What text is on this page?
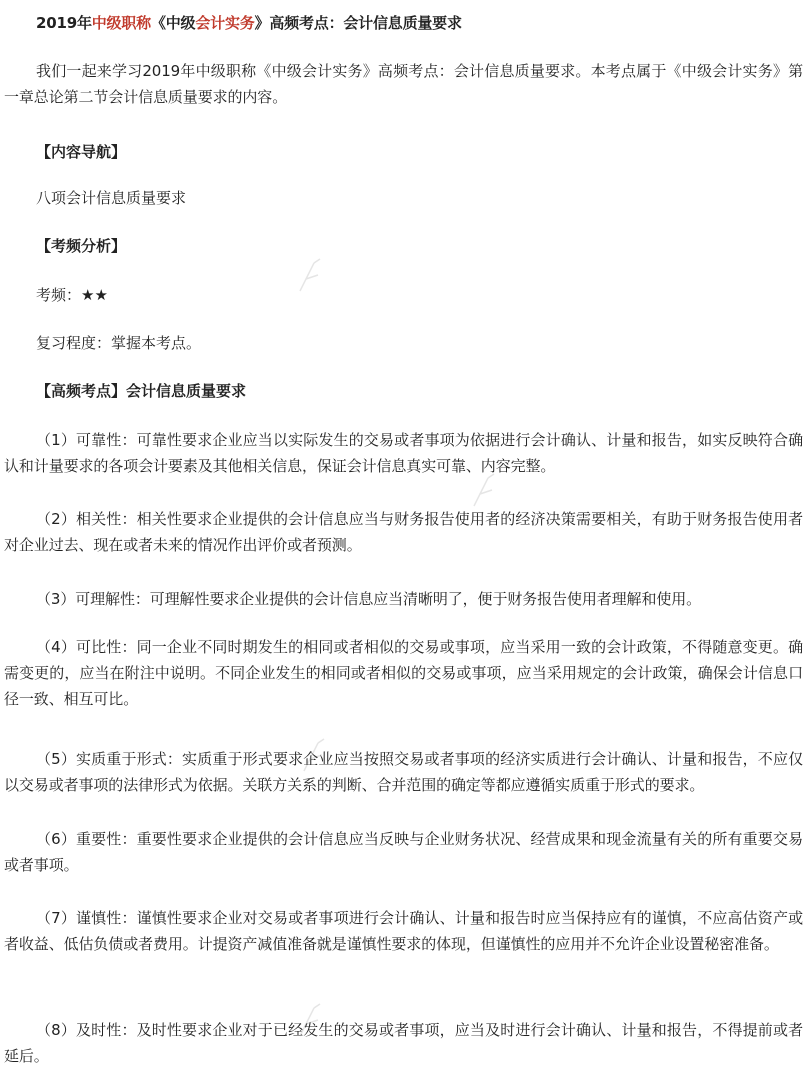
2019年中级职称《中级会计实务》高频考点：会计信息质量要求
我们一起来学习2019年中级职称《中级会计实务》高频考点：会计信息质量要求。本考点属于《中级会计实务》第一章总论第二节会计信息质量要求的内容。
【内容导航】
八项会计信息质量要求
【考频分析】
考频：★★
复习程度：掌握本考点。
【高频考点】会计信息质量要求
（1）可靠性：可靠性要求企业应当以实际发生的交易或者事项为依据进行会计确认、计量和报告，如实反映符合确认和计量要求的各项会计要素及其他相关信息，保证会计信息真实可靠、内容完整。
（2）相关性：相关性要求企业提供的会计信息应当与财务报告使用者的经济决策需要相关，有助于财务报告使用者对企业过去、现在或者未来的情况作出评价或者预测。
（3）可理解性：可理解性要求企业提供的会计信息应当清晰明了，便于财务报告使用者理解和使用。
（4）可比性：同一企业不同时期发生的相同或者相似的交易或事项，应当采用一致的会计政策，不得随意变更。确需变更的，应当在附注中说明。不同企业发生的相同或者相似的交易或事项，应当采用规定的会计政策，确保会计信息口径一致、相互可比。
（5）实质重于形式：实质重于形式要求企业应当按照交易或者事项的经济实质进行会计确认、计量和报告，不应仅以交易或者事项的法律形式为依据。关联方关系的判断、合并范围的确定等都应遵循实质重于形式的要求。
（6）重要性：重要性要求企业提供的会计信息应当反映与企业财务状况、经营成果和现金流量有关的所有重要交易或者事项。
（7）谨慎性：谨慎性要求企业对交易或者事项进行会计确认、计量和报告时应当保持应有的谨慎，不应高估资产或者收益、低估负债或者费用。计提资产减值准备就是谨慎性要求的体现，但谨慎性的应用并不允许企业设置秘密准备。
（8）及时性：及时性要求企业对于已经发生的交易或者事项，应当及时进行会计确认、计量和报告，不得提前或者延后。
